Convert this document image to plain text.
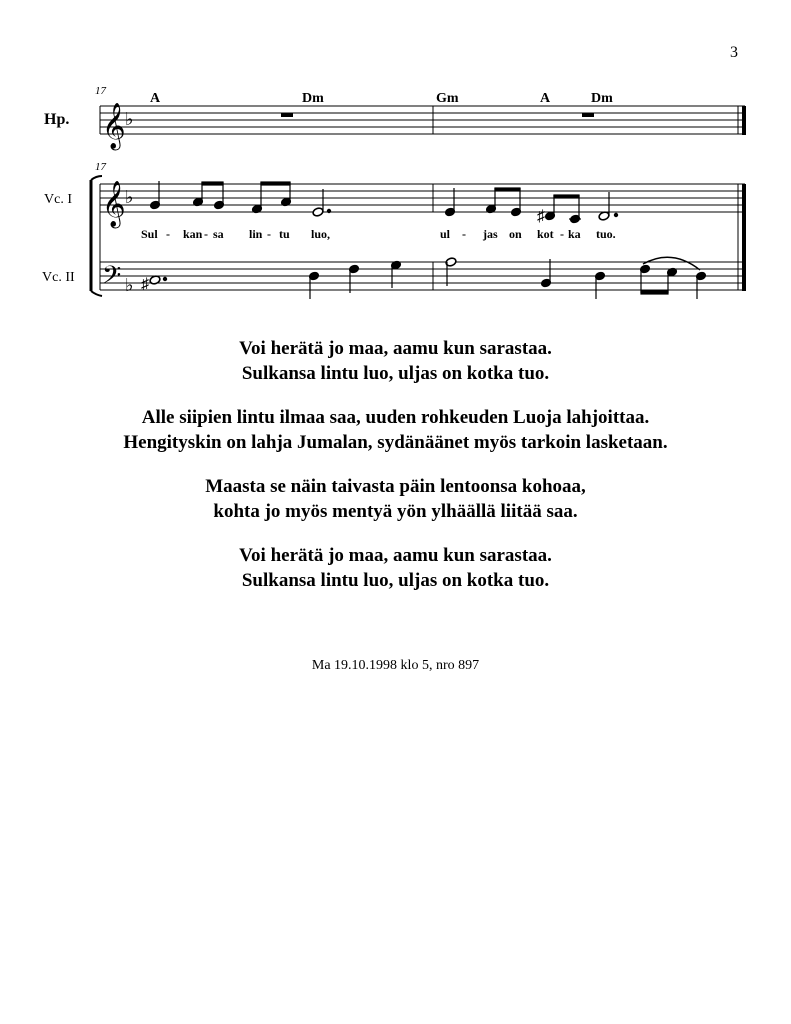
3
Hp.
17
𝄞 ♭
A	Dm	Gm	A	Dm
17
Vc. I 𝄞 ♭
♯
Sul - kan - sa lin - tu luo,	ul - jas on kot - ka tuo.
Vc. II 𝄢 ♭ ♯
Voi herätä jo maa, aamu kun sarastaa.
Sulkansa lintu luo, uljas on kotka tuo.
Alle siipien lintu ilmaa saa, uuden rohkeuden Luoja lahjoittaa.
Hengityskin on lahja Jumalan, sydänäänet myös tarkoin lasketaan.
Maasta se näin taivasta päin lentoonsa kohoaa,
kohta jo myös mentyä yön ylhäällä liitää saa.
Voi herätä jo maa, aamu kun sarastaa.
Sulkansa lintu luo, uljas on kotka tuo.
Ma 19.10.1998 klo 5, nro 897
